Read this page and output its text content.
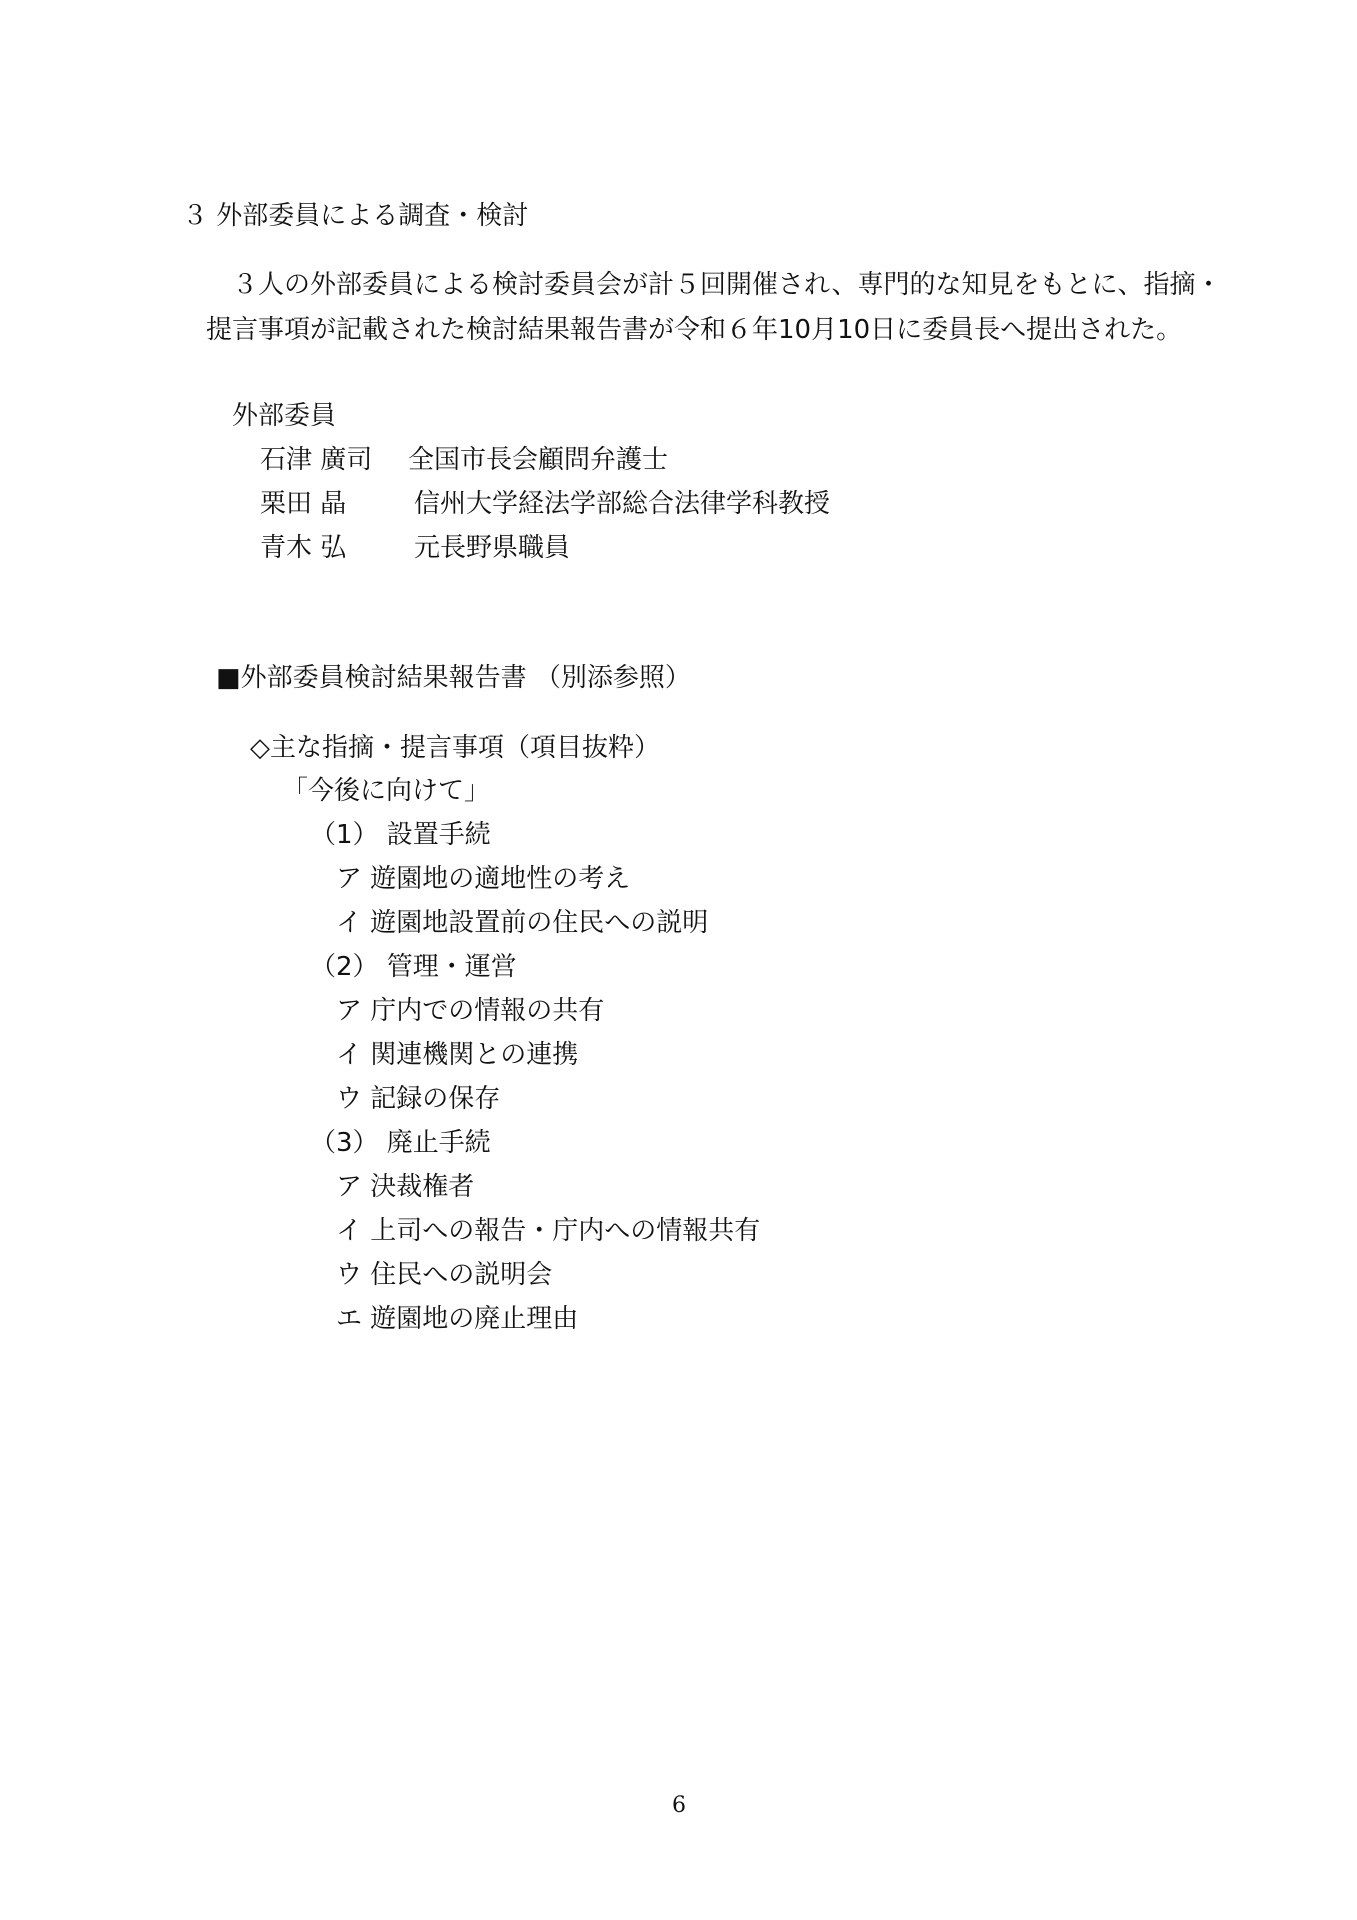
３ 外部委員による調査・検討
３人の外部委員による検討委員会が計５回開催され、専門的な知見をもとに、指摘・
提言事項が記載された検討結果報告書が令和６年10月10日に委員長へ提出された。
外部委員
石津 廣司 全国市長会顧問弁護士
栗田 晶	信州大学経法学部総合法律学科教授
青木 弘	元長野県職員
■外部委員検討結果報告書 （別添参照）
◇主な指摘・提言事項（項目抜粋）
「今後に向けて」
（1） 設置手続
ア 遊園地の適地性の考え
イ 遊園地設置前の住民への説明
（2） 管理・運営
ア 庁内での情報の共有
イ 関連機関との連携
ウ 記録の保存
（3） 廃止手続
ア 決裁権者
イ 上司への報告・庁内への情報共有
ウ 住民への説明会
エ 遊園地の廃止理由
6
